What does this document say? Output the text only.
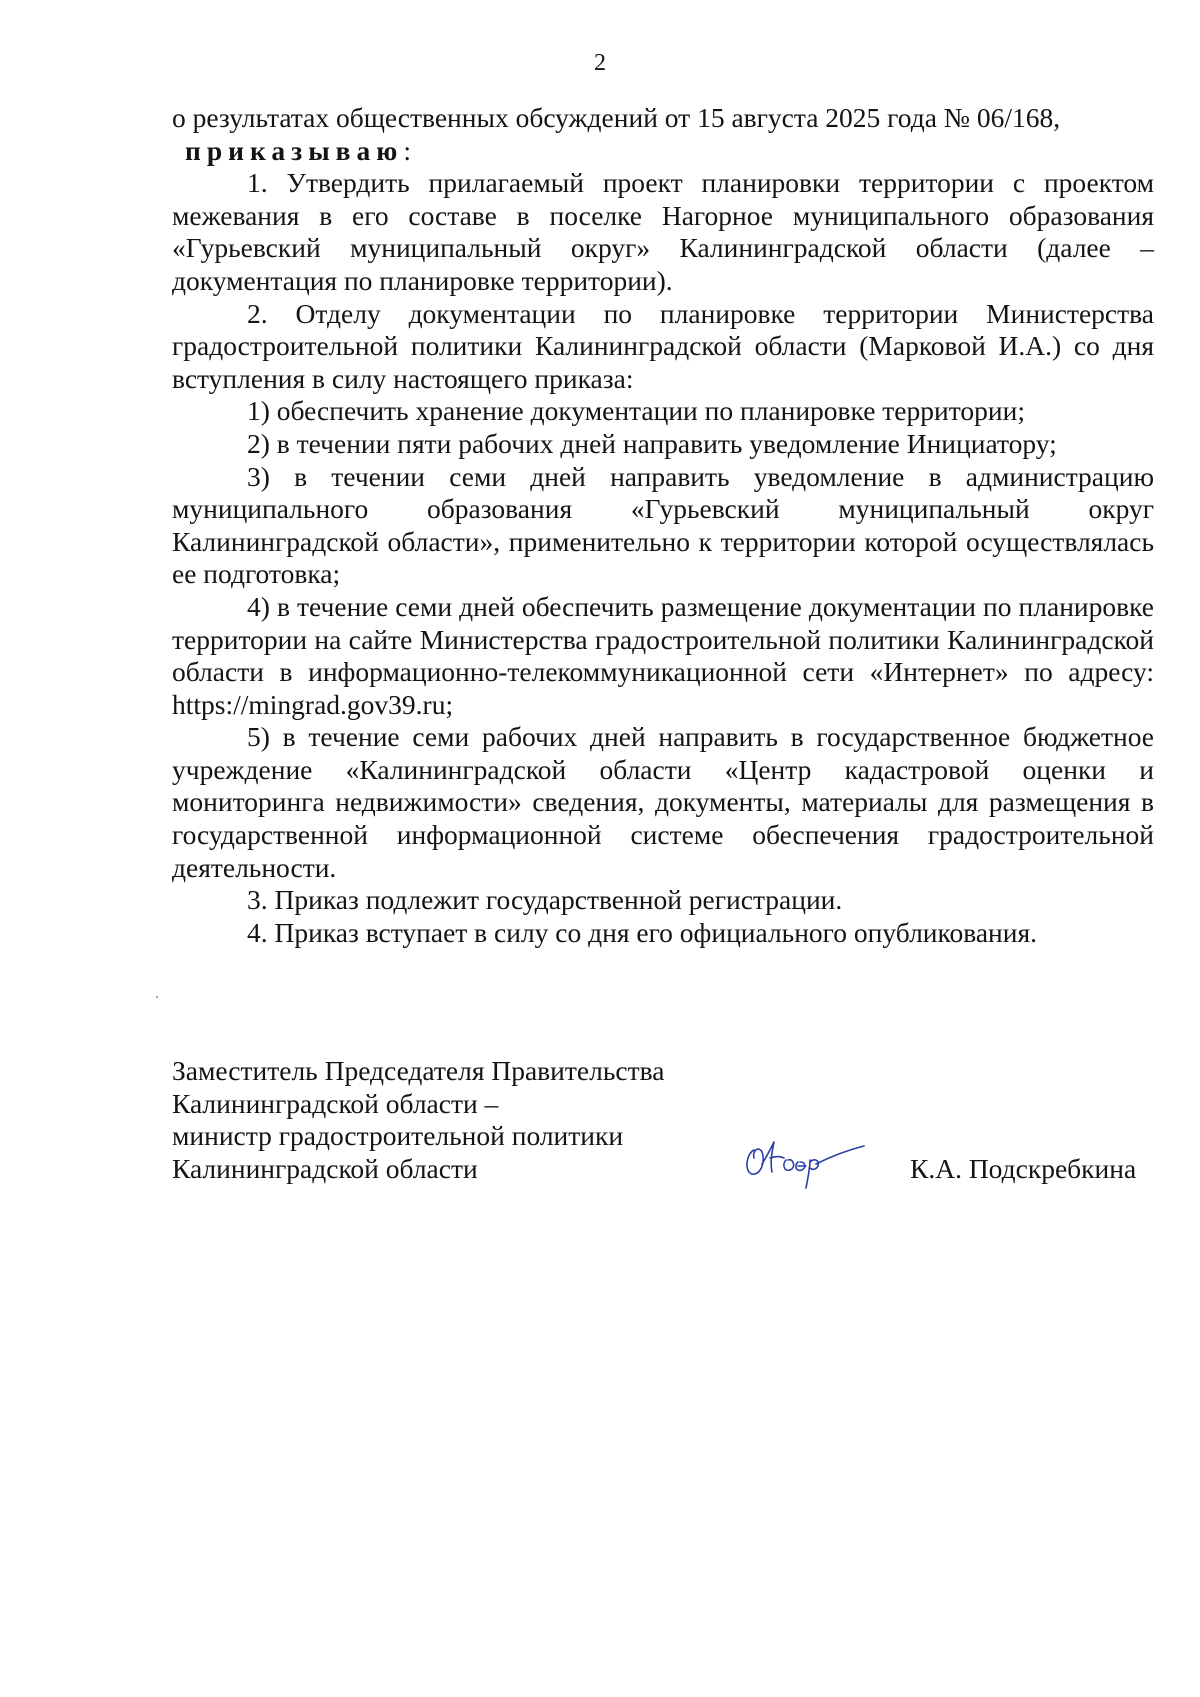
2

о результатах общественных обсуждений от 15 августа 2025 года № 06/168,

приказываю:

1. Утвердить прилагаемый проект планировки территории с проектом межевания в его составе в поселке Нагорное муниципального образования «Гурьевский муниципальный округ» Калининградской области (далее – документация по планировке территории).

2. Отделу документации по планировке территории Министерства градостроительной политики Калининградской области (Марковой И.А.) со дня вступления в силу настоящего приказа:

1) обеспечить хранение документации по планировке территории;

2) в течении пяти рабочих дней направить уведомление Инициатору;

3) в течении семи дней направить уведомление в администрацию муниципального образования «Гурьевский муниципальный округ Калининградской области», применительно к территории которой осуществлялась ее подготовка;

4) в течение семи дней обеспечить размещение документации по планировке территории на сайте Министерства градостроительной политики Калининградской области в информационно-телекоммуникационной сети «Интернет» по адресу: https://mingrad.gov39.ru;

5) в течение семи рабочих дней направить в государственное бюджетное учреждение «Калининградской области «Центр кадастровой оценки и мониторинга недвижимости» сведения, документы, материалы для размещения в государственной информационной системе обеспечения градостроительной деятельности.

3. Приказ подлежит государственной регистрации.

4. Приказ вступает в силу со дня его официального опубликования.

Заместитель Председателя Правительства
Калининградской области –
министр градостроительной политики
Калининградской области	К.А. Подскребкина
